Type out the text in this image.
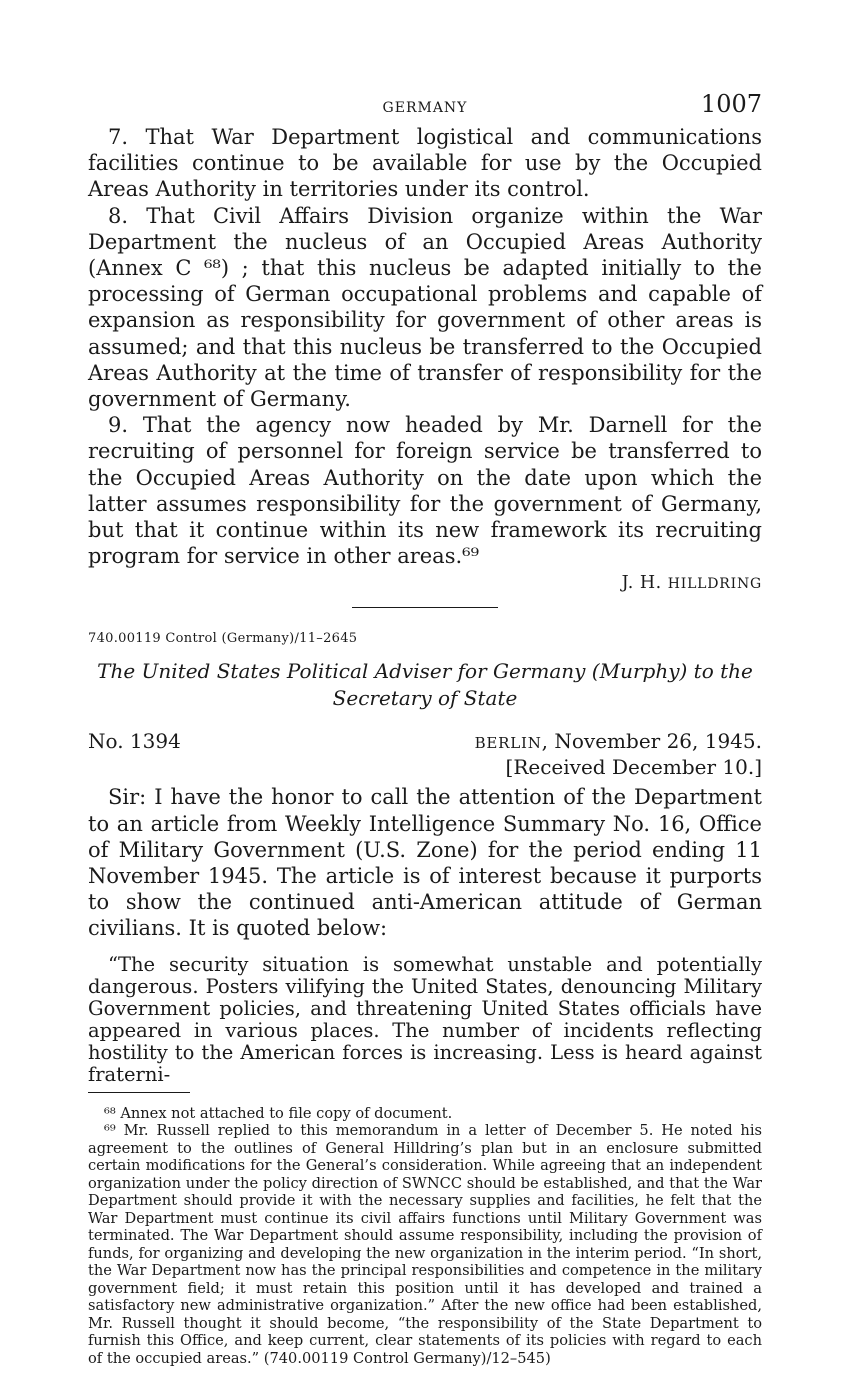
GERMANY	1007

7. That War Department logistical and communications facilities continue to be available for use by the Occupied Areas Authority in territories under its control.

8. That Civil Affairs Division organize within the War Department the nucleus of an Occupied Areas Authority (Annex C ⁶⁸) ; that this nucleus be adapted initially to the processing of German occupational problems and capable of expansion as responsibility for government of other areas is assumed; and that this nucleus be transferred to the Occupied Areas Authority at the time of transfer of responsibility for the government of Germany.

9. That the agency now headed by Mr. Darnell for the recruiting of personnel for foreign service be transferred to the Occupied Areas Authority on the date upon which the latter assumes responsibility for the government of Germany, but that it continue within its new framework its recruiting program for service in other areas.⁶⁹

J. H. HILLDRING
740.00119 Control (Germany)/11–2645
The United States Political Adviser for Germany (Murphy) to the
Secretary of State
No. 1394	BERLIN, November 26, 1945.
[Received December 10.]

Sir: I have the honor to call the attention of the Department to an article from Weekly Intelligence Summary No. 16, Office of Military Government (U.S. Zone) for the period ending 11 November 1945. The article is of interest because it purports to show the continued anti-American attitude of German civilians. It is quoted below:

“The security situation is somewhat unstable and potentially dangerous. Posters vilifying the United States, denouncing Military Government policies, and threatening United States officials have appeared in various places. The number of incidents reflecting hostility to the American forces is increasing. Less is heard against fraterni-

⁶⁸ Annex not attached to file copy of document.

⁶⁹ Mr. Russell replied to this memorandum in a letter of December 5. He noted his agreement to the outlines of General Hilldring’s plan but in an enclosure submitted certain modifications for the General’s consideration. While agreeing that an independent organization under the policy direction of SWNCC should be established, and that the War Department should provide it with the necessary supplies and facilities, he felt that the War Department must continue its civil affairs functions until Military Government was terminated. The War Department should assume responsibility, including the provision of funds, for organizing and developing the new organization in the interim period. “In short, the War Department now has the principal responsibilities and competence in the military government field; it must retain this position until it has developed and trained a satisfactory new administrative organization.” After the new office had been established, Mr. Russell thought it should become, “the responsibility of the State Department to furnish this Office, and keep current, clear statements of its policies with regard to each of the occupied areas.” (740.00119 Control Germany)/12–545)
